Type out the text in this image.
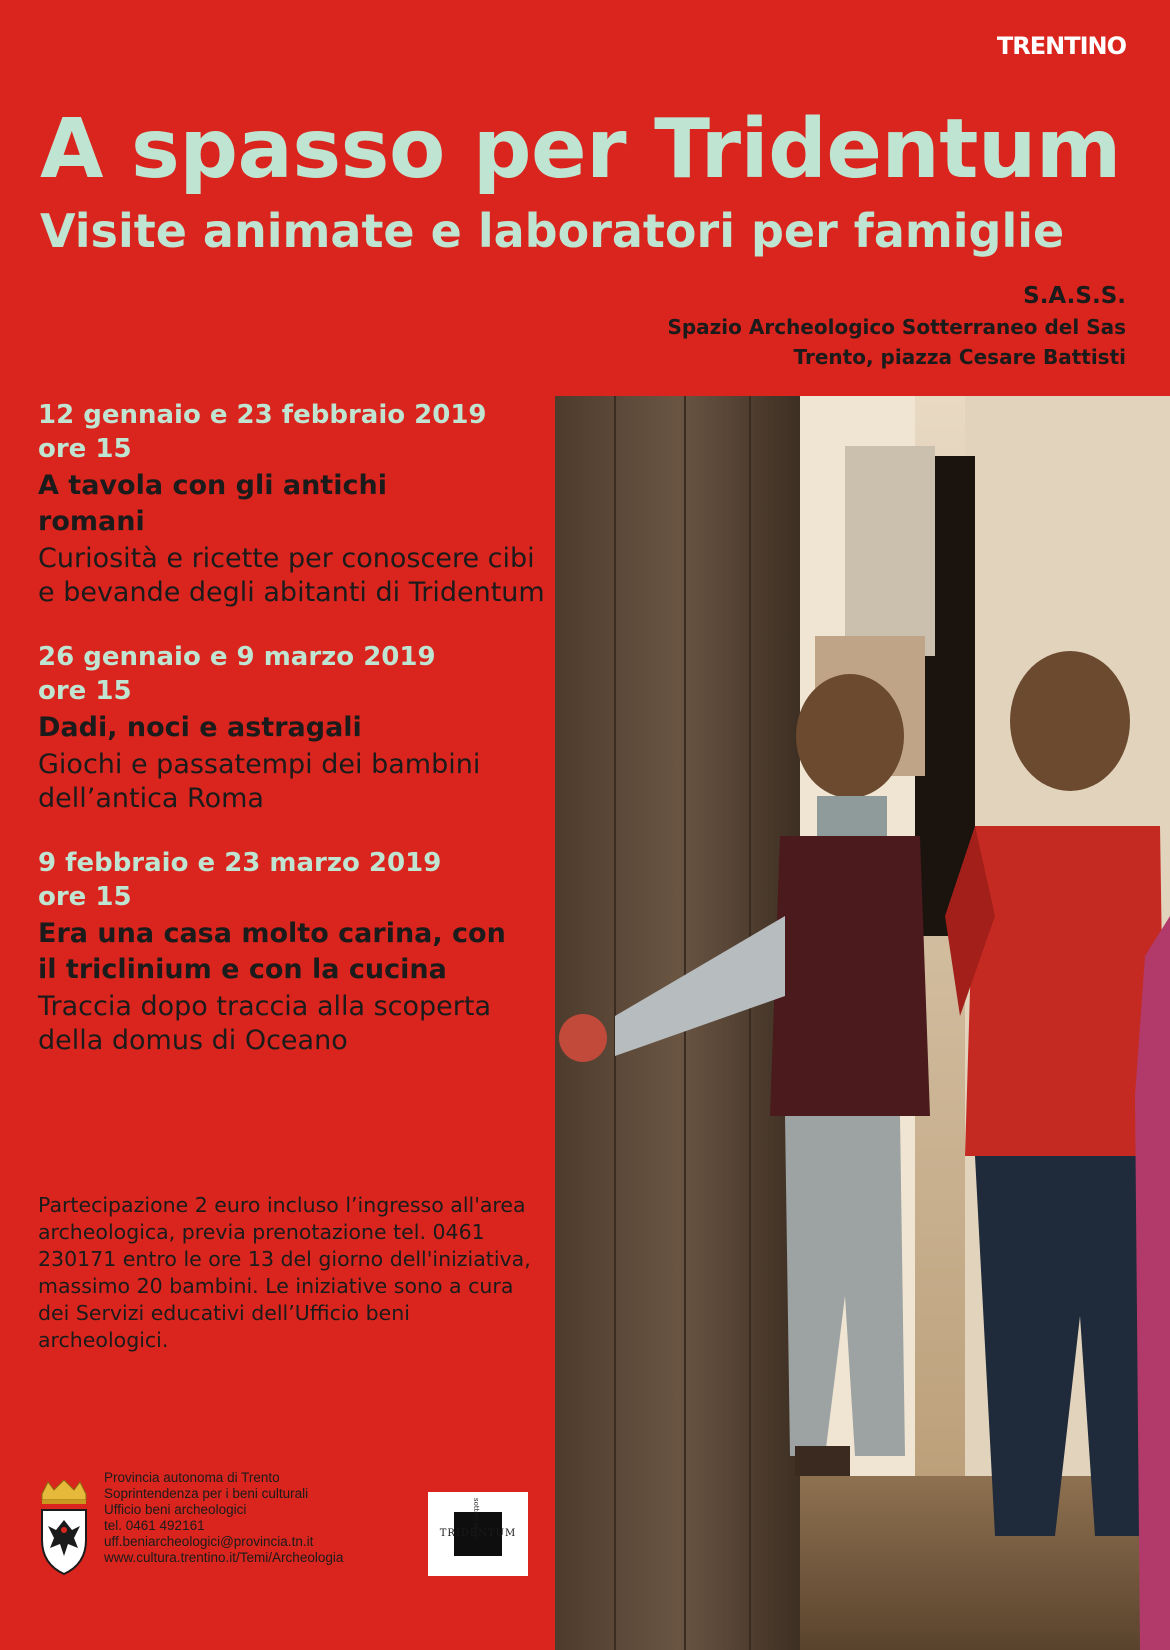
TRENTINO
A spasso per Tridentum
Visite animate e laboratori per famiglie
S.A.S.S.
Spazio Archeologico Sotterraneo del Sas
Trento, piazza Cesare Battisti
12 gennaio e 23 febbraio 2019
ore 15
A tavola con gli antichi romani
Curiosità e ricette per conoscere cibi e bevande degli abitanti di Tridentum
26 gennaio e 9 marzo 2019
ore 15
Dadi, noci e astragali
Giochi e passatempi dei bambini dell’antica Roma
9 febbraio e 23 marzo 2019
ore 15
Era una casa molto carina, con il triclinium e con la cucina
Traccia dopo traccia alla scoperta della domus di Oceano
Partecipazione 2 euro incluso l’ingresso all'area archeologica, previa prenotazione tel. 0461 230171 entro le ore 13 del giorno dell'iniziativa, massimo 20 bambini. Le iniziative sono a cura dei Servizi educativi dell’Ufficio beni archeologici.
Provincia autonoma di Trento
Soprintendenza per i beni culturali
Ufficio beni archeologici
tel. 0461 492161
uff.beniarcheologici@provincia.tn.it
www.cultura.trentino.it/Temi/Archeologia
TRIDENTUM
sotterranea
